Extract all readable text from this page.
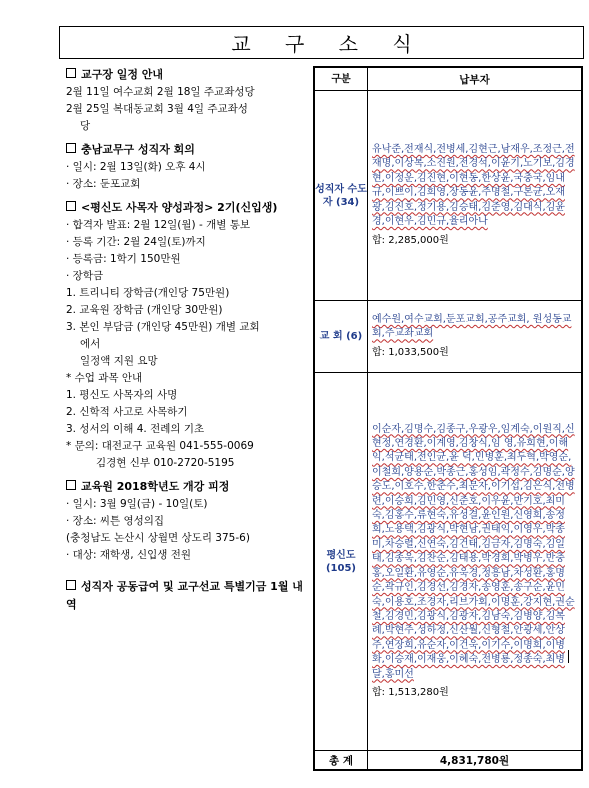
교 구 소 식
교구장 일정 안내
2월 11일 여수교회 2월 18일 주교좌성당
2월 25일 복대동교회 3월 4일 주교좌성
당
충남교무구 성직자 회의
· 일시: 2월 13일(화) 오후 4시
· 장소: 둔포교회
<평신도 사목자 양성과정> 2기(신입생)
· 합격자 발표: 2월 12일(월) - 개별 통보
· 등록 기간: 2월 24일(토)까지
· 등록금: 1학기 150만원
· 장학금
1. 트리니티 장학금(개인당 75만원)
2. 교육원 장학금 (개인당 30만원)
3. 본인 부담금 (개인당 45만원) 개별 교회
에서
일정액 지원 요망
* 수업 과목 안내
1. 평신도 사목자의 사명
2. 신학적 사고로 사목하기
3. 성서의 이해 4. 전례의 기초
* 문의: 대전교구 교육원 041-555-0069
김경현 신부 010-2720-5195
교육원 2018학년도 개강 피정
· 일시: 3월 9일(금) - 10일(토)
· 장소: 씨튼 영성의집
(충청남도 논산시 상월면 상도리 375-6)
· 대상: 재학생, 신입생 전원
성직자 공동급여 및 교구선교 특별기금 1월 내역
구분	납부자
성직자 수도자 (34)	유낙준,전재식,전병세,김현근,남재우,조정근,전재명,이상복,소진원,전경석,이윤기,노기보,김경현,이정운,김진현,이현동,한상윤,국충국,임내규,이쁘이,김희영,장동윤,주명철,구본균,오재광,김진호,정기용,김승태,김준영,김대식,김윤경,이현우,김민규,율리아나
합: 2,285,000원

교 회 (6)	예수원,여수교회,둔포교회,공주교회, 원성동교회,주교좌교회
합: 1,033,500원

평신도 (105)	이순자,김명수,김종구,우광우,임계숙,이원직,신현정,연경환,이계영,김창식,임 영,유희현,이해익,석균태,전인균,윤 덕,민병훈,최두혁,박영순,이철희,양용순,박종근,홍성임,곽정수,김명순,양승도,이호수,한춘수,최문자,이기섭,김은식,전병련,이승희,김민영,신준호,이우윤,반기호,최미숙,김홍수,류현숙,유성결,윤인원,신영희,송정희,노용택,김광식,박현남,권태익,이영우,박종미,차승렬,신연숙,김건태,김금자,김명숙,김일태,김종욱,김찬순,김태용,박경희,박병우,반충홍,오일환,유영순,유욱경,정흥남,차성환,홍명순,곽규인,김경선,김경자,송영훈,송구순,윤민숙,이용호,조경자,리브가회,이명훈,강지현,권순철,김경민,김광식,김광자,김남숙,김병양,김복례,박현주,성하정,신산월,신형철,안광세,안상주,연장희,유순자,이건욱,이기수,이명희,이병화,이승재,이재웅,이혜숙,전병룡,정종숙,최병달,홍미선
합: 1,513,280원

총 계	4,831,780원
